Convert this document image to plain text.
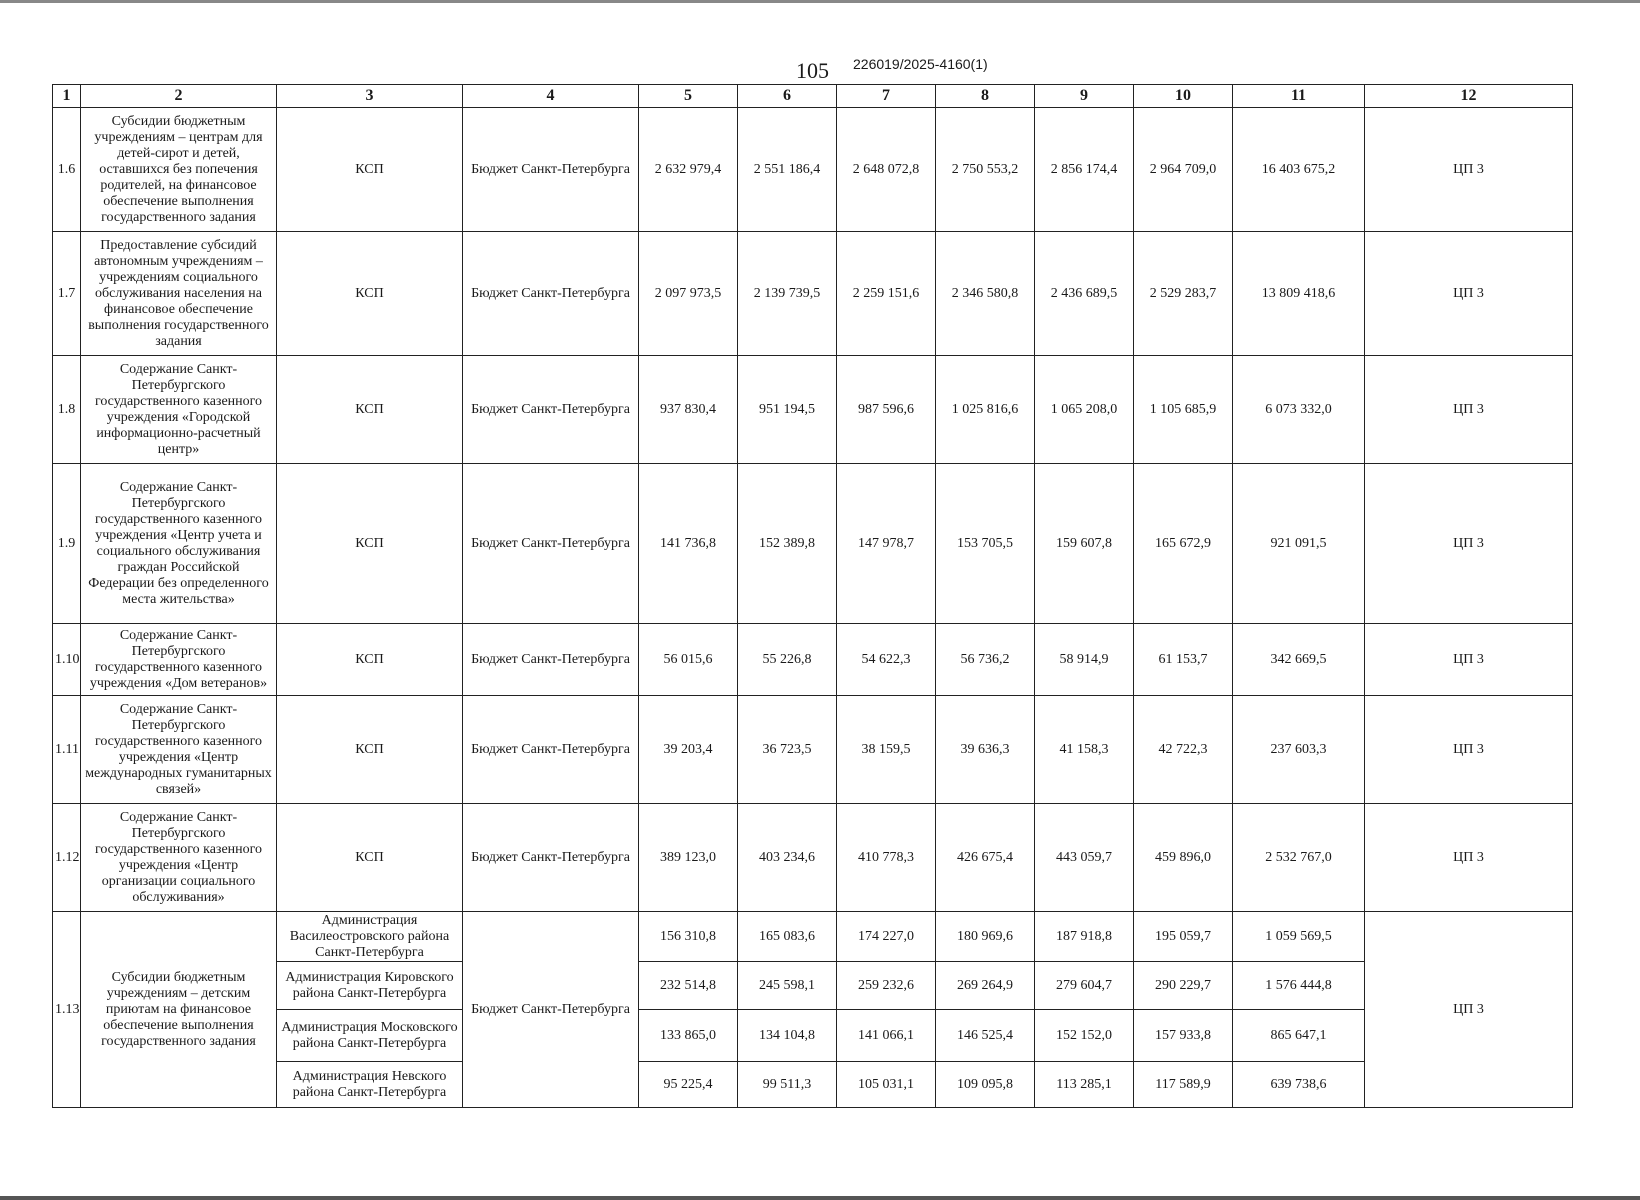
105 226019/2025-4160(1)
1	2	3	4	5	6	7	8	9	10	11	12
1.6	Субсидии бюджетным учреждениям – центрам для детей-сирот и детей, оставшихся без попечения родителей, на финансовое обеспечение выполнения государственного задания	КСП	Бюджет Санкт-Петербурга	2 632 979,4	2 551 186,4	2 648 072,8	2 750 553,2	2 856 174,4	2 964 709,0	16 403 675,2	ЦП 3
1.7	Предоставление субсидий автономным учреждениям – учреждениям социального обслуживания населения на финансовое обеспечение выполнения государственного задания	КСП	Бюджет Санкт-Петербурга	2 097 973,5	2 139 739,5	2 259 151,6	2 346 580,8	2 436 689,5	2 529 283,7	13 809 418,6	ЦП 3
1.8	Содержание Санкт-Петербургского государственного казенного учреждения «Городской информационно-расчетный центр»	КСП	Бюджет Санкт-Петербурга	937 830,4	951 194,5	987 596,6	1 025 816,6	1 065 208,0	1 105 685,9	6 073 332,0	ЦП 3
1.9	Содержание Санкт-Петербургского государственного казенного учреждения «Центр учета и социального обслуживания граждан Российской Федерации без определенного места жительства»	КСП	Бюджет Санкт-Петербурга	141 736,8	152 389,8	147 978,7	153 705,5	159 607,8	165 672,9	921 091,5	ЦП 3
1.10	Содержание Санкт-Петербургского государственного казенного учреждения «Дом ветеранов»	КСП	Бюджет Санкт-Петербурга	56 015,6	55 226,8	54 622,3	56 736,2	58 914,9	61 153,7	342 669,5	ЦП 3
1.11	Содержание Санкт-Петербургского государственного казенного учреждения «Центр международных гуманитарных связей»	КСП	Бюджет Санкт-Петербурга	39 203,4	36 723,5	38 159,5	39 636,3	41 158,3	42 722,3	237 603,3	ЦП 3
1.12	Содержание Санкт-Петербургского государственного казенного учреждения «Центр организации социального обслуживания»	КСП	Бюджет Санкт-Петербурга	389 123,0	403 234,6	410 778,3	426 675,4	443 059,7	459 896,0	2 532 767,0	ЦП 3
1.13	Субсидии бюджетным учреждениям – детским приютам на финансовое обеспечение выполнения государственного задания	Администрация Василеостровского района Санкт-Петербурга	Бюджет Санкт-Петербурга	156 310,8	165 083,6	174 227,0	180 969,6	187 918,8	195 059,7	1 059 569,5	ЦП 3
		Администрация Кировского района Санкт-Петербурга		232 514,8	245 598,1	259 232,6	269 264,9	279 604,7	290 229,7	1 576 444,8	
		Администрация Московского района Санкт-Петербурга		133 865,0	134 104,8	141 066,1	146 525,4	152 152,0	157 933,8	865 647,1	
		Администрация Невского района Санкт-Петербурга		95 225,4	99 511,3	105 031,1	109 095,8	113 285,1	117 589,9	639 738,6	
